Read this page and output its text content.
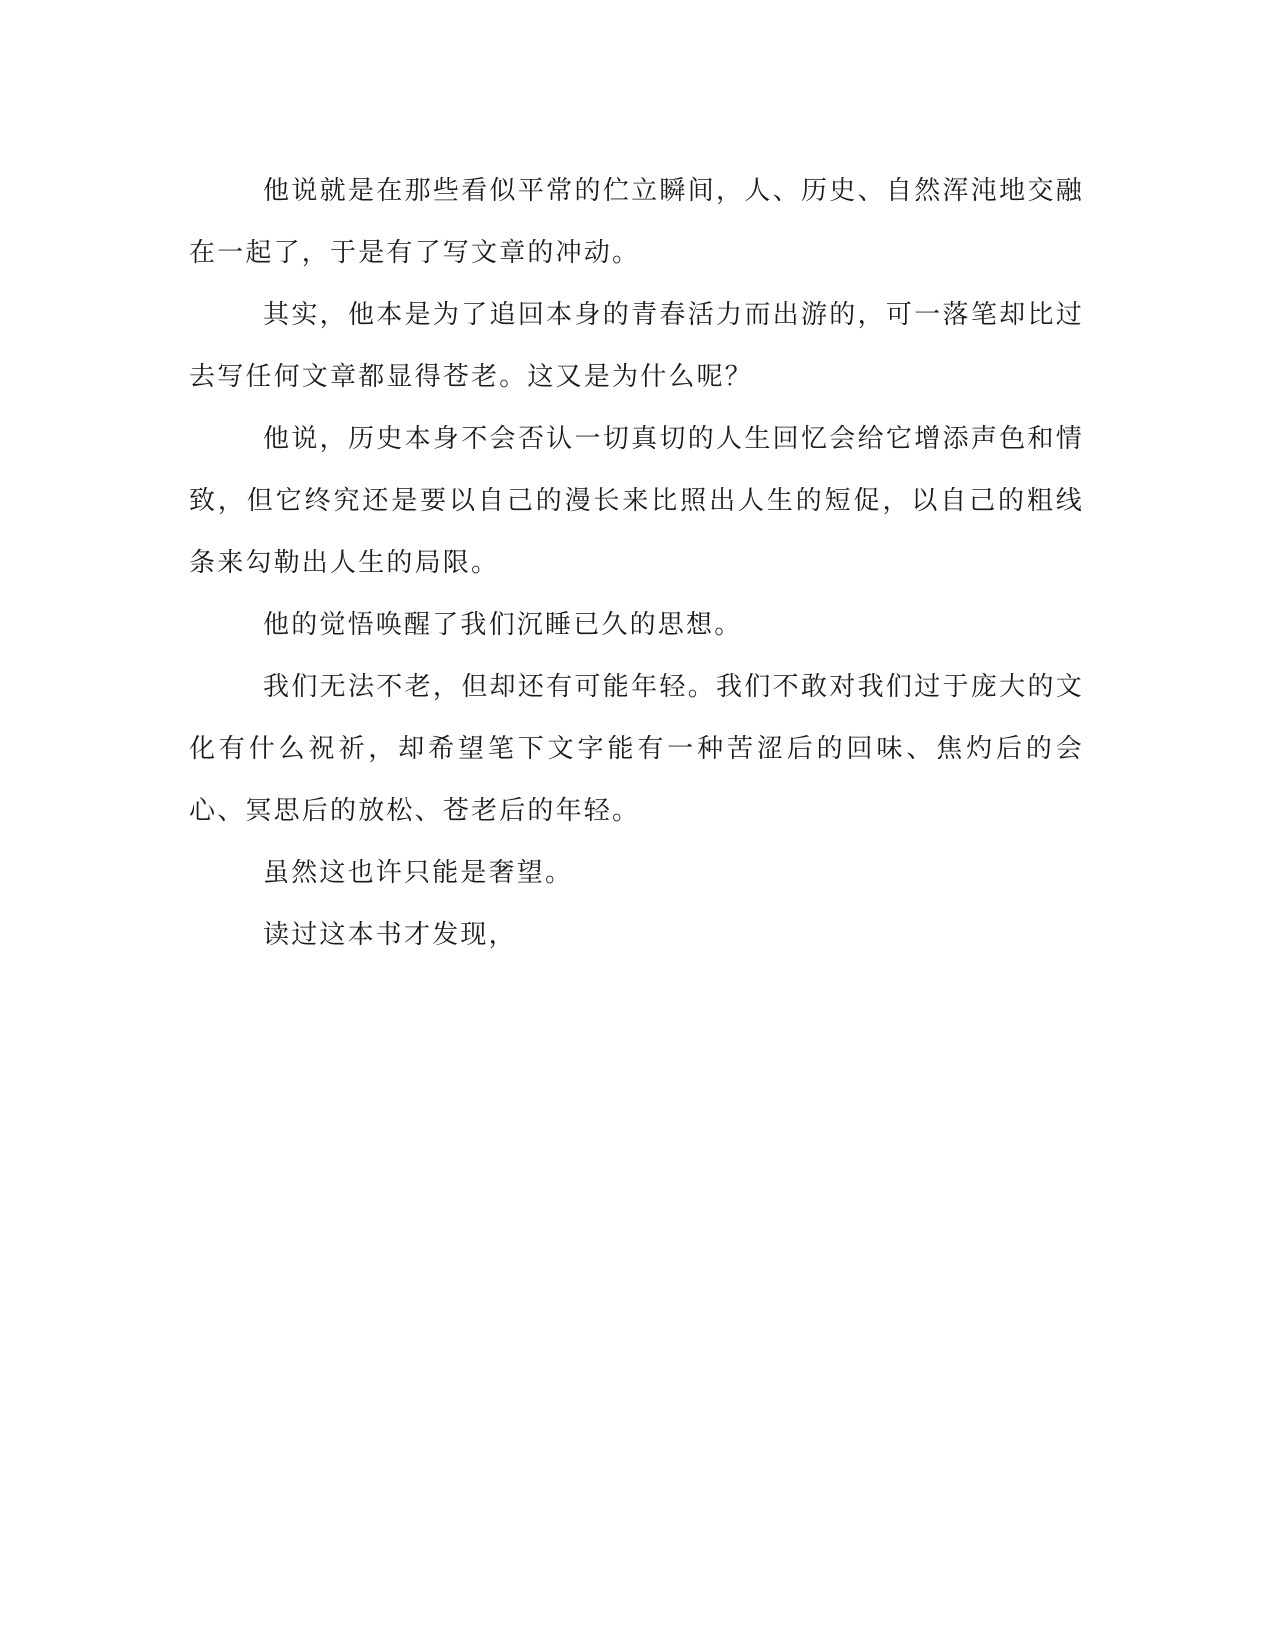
他说就是在那些看似平常的伫立瞬间，人、历史、自然浑沌地交融在一起了，于是有了写文章的冲动。

其实，他本是为了追回本身的青春活力而出游的，可一落笔却比过去写任何文章都显得苍老。这又是为什么呢？

他说，历史本身不会否认一切真切的人生回忆会给它增添声色和情致，但它终究还是要以自己的漫长来比照出人生的短促，以自己的粗线条来勾勒出人生的局限。

他的觉悟唤醒了我们沉睡已久的思想。

我们无法不老，但却还有可能年轻。我们不敢对我们过于庞大的文化有什么祝祈，却希望笔下文字能有一种苦涩后的回味、焦灼后的会心、冥思后的放松、苍老后的年轻。

虽然这也许只能是奢望。

读过这本书才发现，
